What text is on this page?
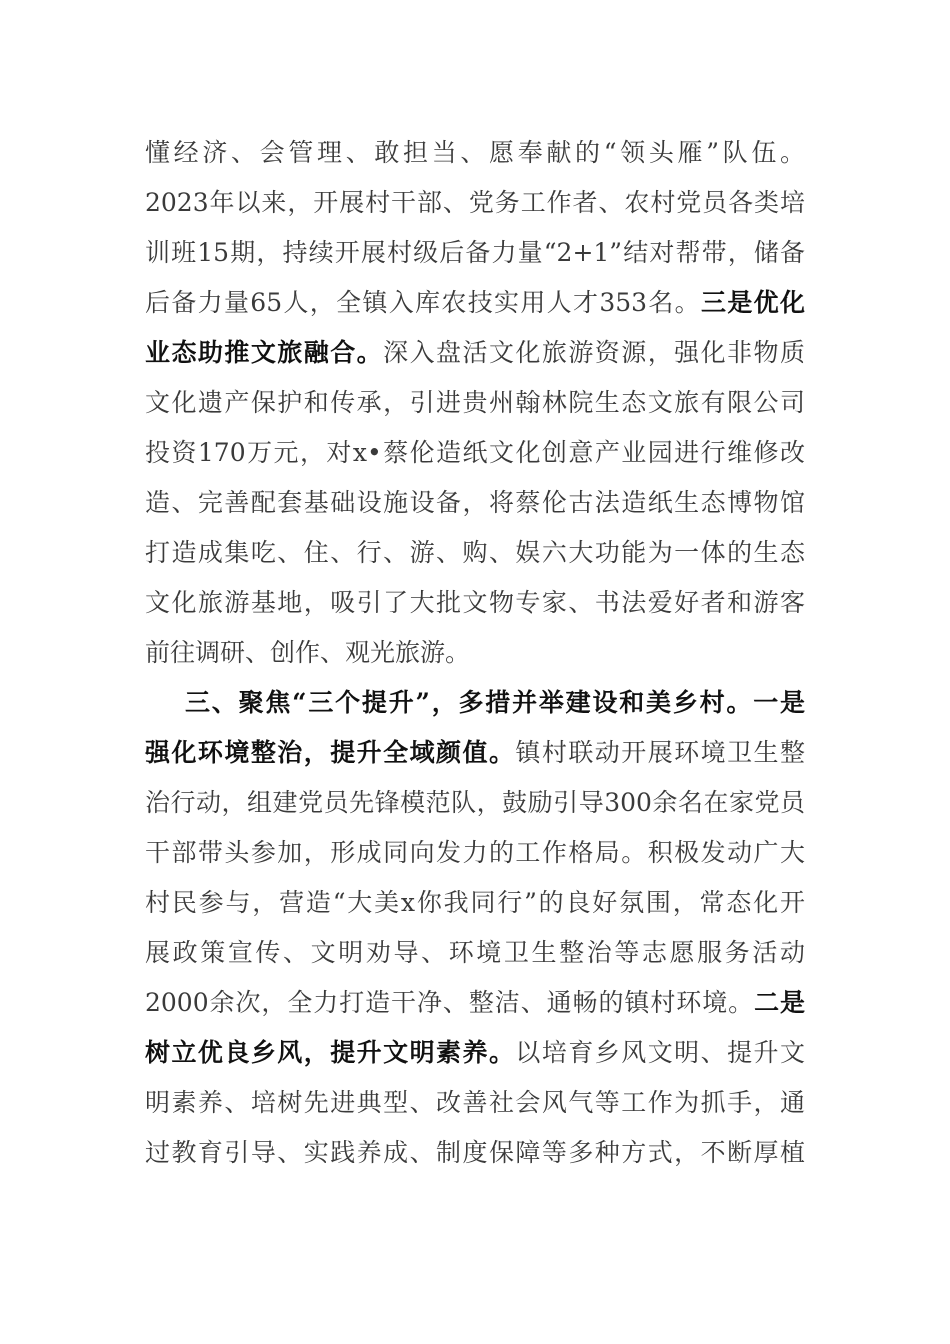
懂经济、会管理、敢担当、愿奉献的“领头雁”队伍。
2023年以来，开展村干部、党务工作者、农村党员各类培
训班15期，持续开展村级后备力量“2+1”结对帮带，储备
后备力量65人，全镇入库农技实用人才353名。三是优化
业态助推文旅融合。深入盘活文化旅游资源，强化非物质
文化遗产保护和传承，引进贵州翰林院生态文旅有限公司
投资170万元，对x•蔡伦造纸文化创意产业园进行维修改
造、完善配套基础设施设备，将蔡伦古法造纸生态博物馆
打造成集吃、住、行、游、购、娱六大功能为一体的生态
文化旅游基地，吸引了大批文物专家、书法爱好者和游客
前往调研、创作、观光旅游。
三、聚焦“三个提升”，多措并举建设和美乡村。一是
强化环境整治，提升全域颜值。镇村联动开展环境卫生整
治行动，组建党员先锋模范队，鼓励引导300余名在家党员
干部带头参加，形成同向发力的工作格局。积极发动广大
村民参与，营造“大美x你我同行”的良好氛围，常态化开
展政策宣传、文明劝导、环境卫生整治等志愿服务活动
2000余次，全力打造干净、整洁、通畅的镇村环境。二是
树立优良乡风，提升文明素养。以培育乡风文明、提升文
明素养、培树先进典型、改善社会风气等工作为抓手，通
过教育引导、实践养成、制度保障等多种方式，不断厚植
